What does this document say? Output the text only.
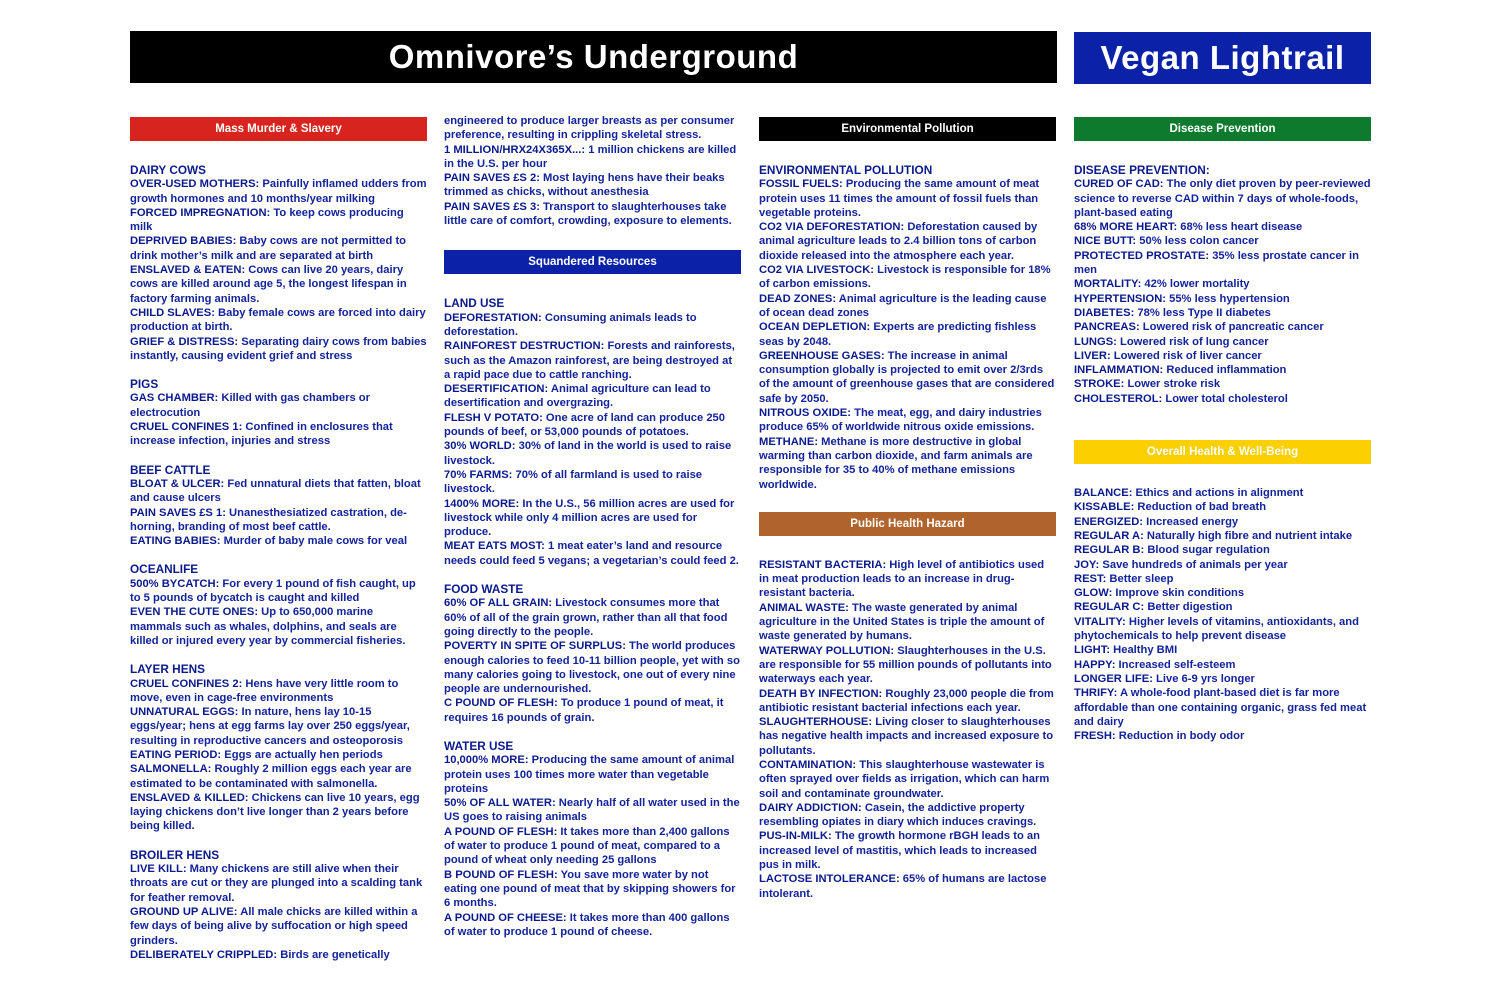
Omnivore’s Underground	Vegan Lightrail
Mass Murder & Slavery
DAIRY COWS
OVER-USED MOTHERS: Painfully inflamed udders from growth hormones and 10 months/year milking
FORCED IMPREGNATION: To keep cows producing milk
DEPRIVED BABIES: Baby cows are not permitted to drink mother’s milk and are separated at birth
ENSLAVED & EATEN: Cows can live 20 years, dairy cows are killed around age 5, the longest lifespan in factory farming animals.
CHILD SLAVES: Baby female cows are forced into dairy production at birth.
GRIEF & DISTRESS: Separating dairy cows from babies instantly, causing evident grief and stress
PIGS
GAS CHAMBER: Killed with gas chambers or electrocution
CRUEL CONFINES 1: Confined in enclosures that increase infection, injuries and stress
BEEF CATTLE
BLOAT & ULCER: Fed unnatural diets that fatten, bloat and cause ulcers
PAIN SAVES £S 1: Unanesthesiatized castration, de-horning, branding of most beef cattle.
EATING BABIES: Murder of baby male cows for veal
OCEANLIFE
500% BYCATCH: For every 1 pound of fish caught, up to 5 pounds of bycatch is caught and killed
EVEN THE CUTE ONES: Up to 650,000 marine mammals such as whales, dolphins, and seals are killed or injured every year by commercial fisheries.
LAYER HENS
CRUEL CONFINES 2: Hens have very little room to move, even in cage-free environments
UNNATURAL EGGS: In nature, hens lay 10-15 eggs/year; hens at egg farms lay over 250 eggs/year, resulting in reproductive cancers and osteoporosis
EATING PERIOD: Eggs are actually hen periods
SALMONELLA: Roughly 2 million eggs each year are estimated to be contaminated with salmonella.
ENSLAVED & KILLED: Chickens can live 10 years, egg laying chickens don’t live longer than 2 years before being killed.
BROILER HENS
LIVE KILL: Many chickens are still alive when their throats are cut or they are plunged into a scalding tank for feather removal.
GROUND UP ALIVE: All male chicks are killed within a few days of being alive by suffocation or high speed grinders.
DELIBERATELY CRIPPLED: Birds are genetically
engineered to produce larger breasts as per consumer preference, resulting in crippling skeletal stress.
1 MILLION/HRX24X365X...: 1 million chickens are killed in the U.S. per hour
PAIN SAVES £S 2: Most laying hens have their beaks trimmed as chicks, without anesthesia
PAIN SAVES £S 3: Transport to slaughterhouses take little care of comfort, crowding, exposure to elements.
Squandered Resources
LAND USE
DEFORESTATION: Consuming animals leads to deforestation.
RAINFOREST DESTRUCTION: Forests and rainforests, such as the Amazon rainforest, are being destroyed at a rapid pace due to cattle ranching.
DESERTIFICATION: Animal agriculture can lead to desertification and overgrazing.
FLESH V POTATO: One acre of land can produce 250 pounds of beef, or 53,000 pounds of potatoes.
30% WORLD: 30% of land in the world is used to raise livestock.
70% FARMS: 70% of all farmland is used to raise livestock.
1400% MORE: In the U.S., 56 million acres are used for livestock while only 4 million acres are used for produce.
MEAT EATS MOST: 1 meat eater’s land and resource needs could feed 5 vegans; a vegetarian’s could feed 2.
FOOD WASTE
60% OF ALL GRAIN: Livestock consumes more that 60% of all of the grain grown, rather than all that food going directly to the people.
POVERTY IN SPITE OF SURPLUS: The world produces enough calories to feed 10-11 billion people, yet with so many calories going to livestock, one out of every nine people are undernourished.
C POUND OF FLESH: To produce 1 pound of meat, it requires 16 pounds of grain.
WATER USE
10,000% MORE: Producing the same amount of animal protein uses 100 times more water than vegetable proteins
50% OF ALL WATER: Nearly half of all water used in the US goes to raising animals
A POUND OF FLESH: It takes more than 2,400 gallons of water to produce 1 pound of meat, compared to a pound of wheat only needing 25 gallons
B POUND OF FLESH: You save more water by not eating one pound of meat that by skipping showers for 6 months.
A POUND OF CHEESE: It takes more than 400 gallons of water to produce 1 pound of cheese.
Environmental Pollution
ENVIRONMENTAL POLLUTION
FOSSIL FUELS: Producing the same amount of meat protein uses 11 times the amount of fossil fuels than vegetable proteins.
CO2 VIA DEFORESTATION: Deforestation caused by animal agriculture leads to 2.4 billion tons of carbon dioxide released into the atmosphere each year.
CO2 VIA LIVESTOCK: Livestock is responsible for 18% of carbon emissions.
DEAD ZONES: Animal agriculture is the leading cause of ocean dead zones
OCEAN DEPLETION: Experts are predicting fishless seas by 2048.
GREENHOUSE GASES: The increase in animal consumption globally is projected to emit over 2/3rds of the amount of greenhouse gases that are considered safe by 2050.
NITROUS OXIDE: The meat, egg, and dairy industries produce 65% of worldwide nitrous oxide emissions.
METHANE: Methane is more destructive in global warming than carbon dioxide, and farm animals are responsible for 35 to 40% of methane emissions worldwide.
Public Health Hazard
RESISTANT BACTERIA: High level of antibiotics used in meat production leads to an increase in drug-resistant bacteria.
ANIMAL WASTE: The waste generated by animal agriculture in the United States is triple the amount of waste generated by humans.
WATERWAY POLLUTION: Slaughterhouses in the U.S. are responsible for 55 million pounds of pollutants into waterways each year.
DEATH BY INFECTION: Roughly 23,000 people die from antibiotic resistant bacterial infections each year.
SLAUGHTERHOUSE: Living closer to slaughterhouses has negative health impacts and increased exposure to pollutants.
CONTAMINATION: This slaughterhouse wastewater is often sprayed over fields as irrigation, which can harm soil and contaminate groundwater.
DAIRY ADDICTION: Casein, the addictive property resembling opiates in diary which induces cravings.
PUS-IN-MILK: The growth hormone rBGH leads to an increased level of mastitis, which leads to increased pus in milk.
LACTOSE INTOLERANCE: 65% of humans are lactose intolerant.
Disease Prevention
DISEASE PREVENTION:
CURED OF CAD: The only diet proven by peer-reviewed science to reverse CAD within 7 days of whole-foods, plant-based eating
68% MORE HEART: 68% less heart disease
NICE BUTT: 50% less colon cancer
PROTECTED PROSTATE: 35% less prostate cancer in men
MORTALITY: 42% lower mortality
HYPERTENSION: 55% less hypertension
DIABETES: 78% less Type II diabetes
PANCREAS: Lowered risk of pancreatic cancer
LUNGS: Lowered risk of lung cancer
LIVER: Lowered risk of liver cancer
INFLAMMATION: Reduced inflammation
STROKE: Lower stroke risk
CHOLESTEROL: Lower total cholesterol
Overall Health & Well-Being
BALANCE: Ethics and actions in alignment
KISSABLE: Reduction of bad breath
ENERGIZED: Increased energy
REGULAR A: Naturally high fibre and nutrient intake
REGULAR B: Blood sugar regulation
JOY: Save hundreds of animals per year
REST: Better sleep
GLOW: Improve skin conditions
REGULAR C: Better digestion
VITALITY: Higher levels of vitamins, antioxidants, and phytochemicals to help prevent disease
LIGHT: Healthy BMI
HAPPY: Increased self-esteem
LONGER LIFE: Live 6-9 yrs longer
THRIFY: A whole-food plant-based diet is far more affordable than one containing organic, grass fed meat and dairy
FRESH: Reduction in body odor
